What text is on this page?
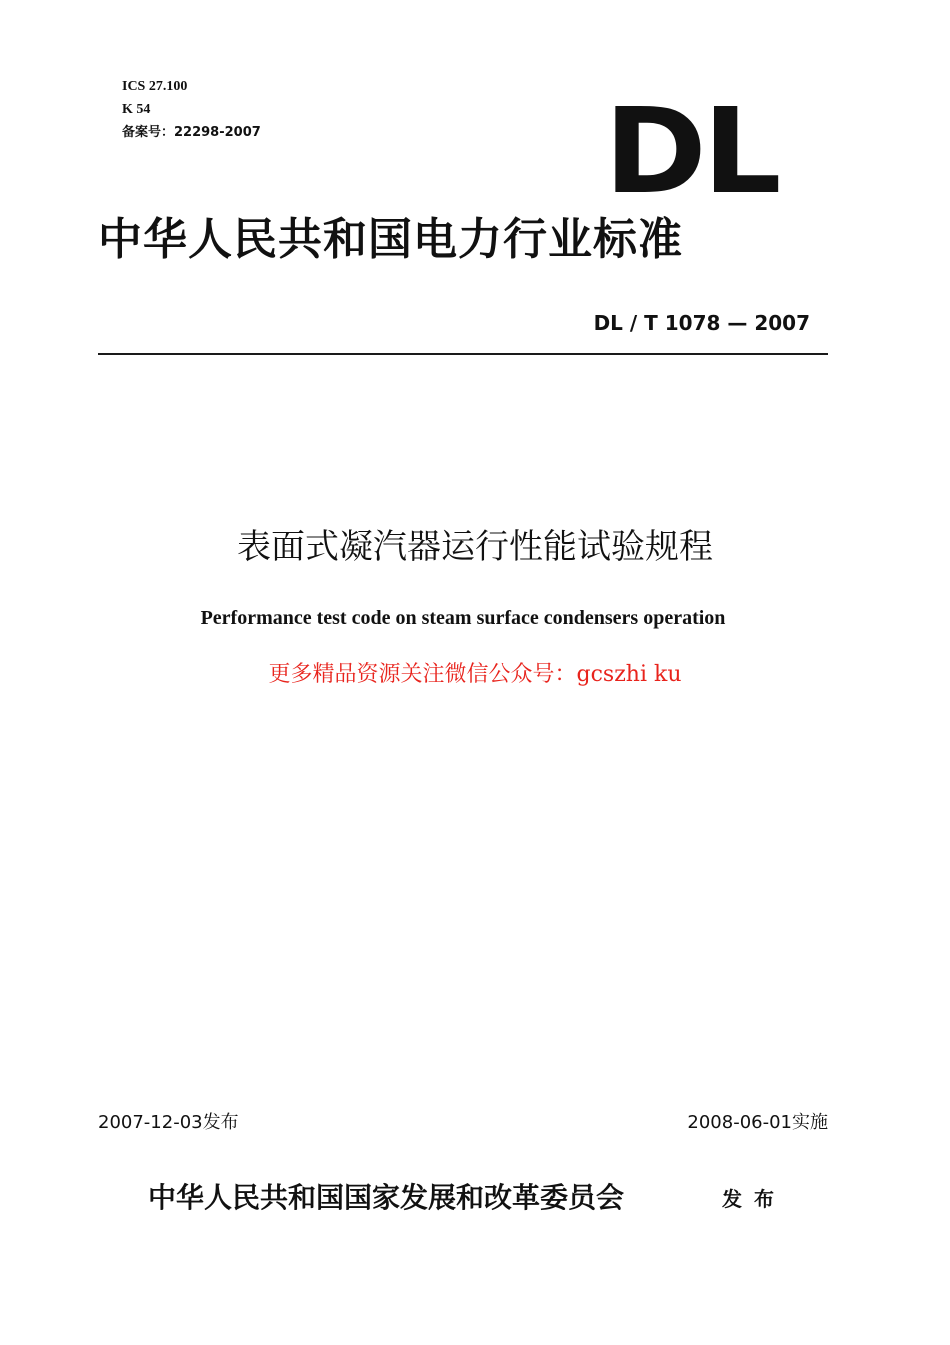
ICS 27.100
K 54
备案号：22298-2007	DL
中华人民共和国电力行业标准
DL / T 1078 — 2007
表面式凝汽器运行性能试验规程
Performance test code on steam surface condensers operation
更多精品资源关注微信公众号：gcszhi ku
2007-12-03发布	2008-06-01实施
中华人民共和国国家发展和改革委员会	发布
